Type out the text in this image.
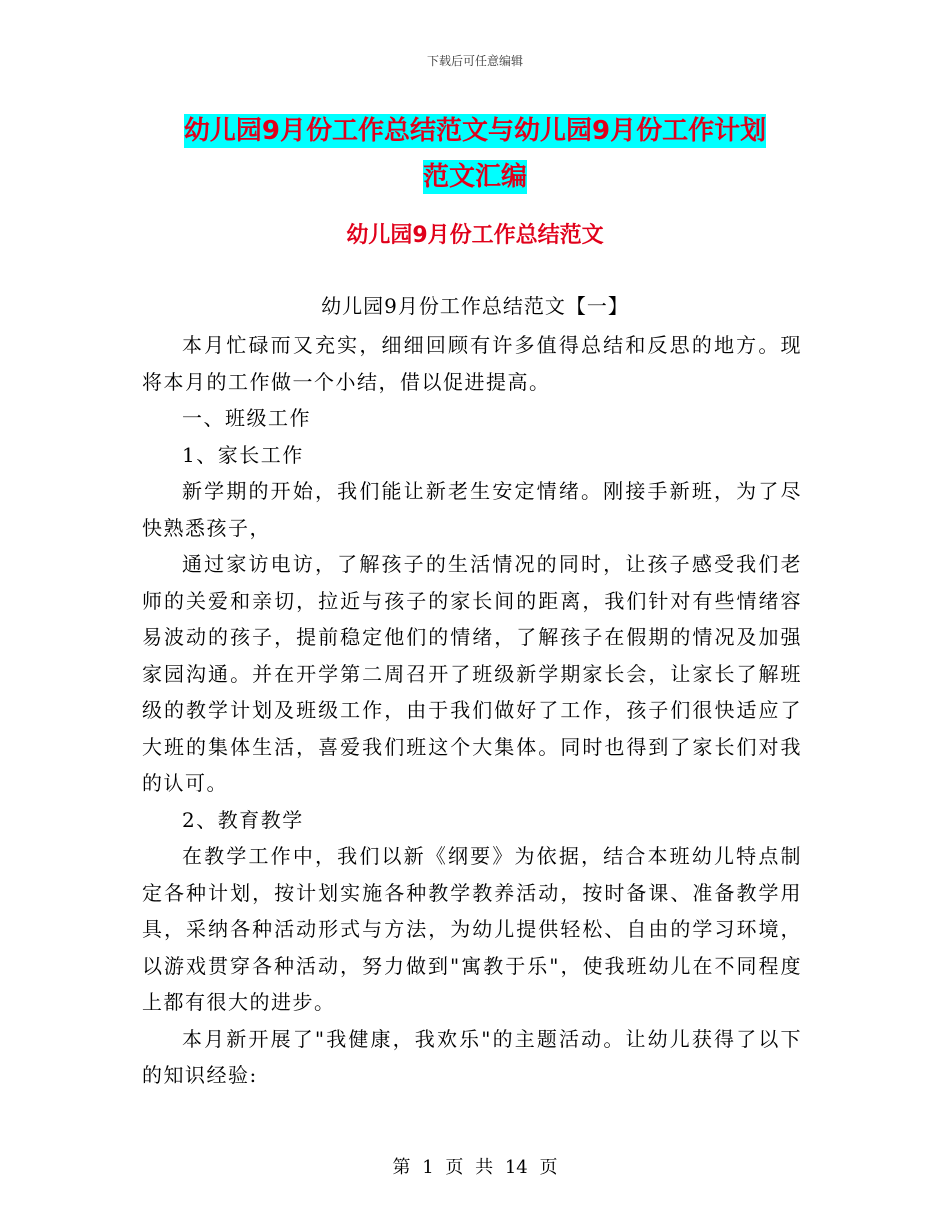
下载后可任意编辑
幼儿园9月份工作总结范文与幼儿园9月份工作计划
范文汇编
幼儿园9月份工作总结范文
幼儿园9月份工作总结范文【一】

本月忙碌而又充实，细细回顾有许多值得总结和反思的地方。现将本月的工作做一个小结，借以促进提高。

一、班级工作

1、家长工作

新学期的开始，我们能让新老生安定情绪。刚接手新班，为了尽快熟悉孩子，

通过家访电访，了解孩子的生活情况的同时，让孩子感受我们老师的关爱和亲切，拉近与孩子的家长间的距离，我们针对有些情绪容易波动的孩子，提前稳定他们的情绪，了解孩子在假期的情况及加强家园沟通。并在开学第二周召开了班级新学期家长会，让家长了解班级的教学计划及班级工作，由于我们做好了工作，孩子们很快适应了大班的集体生活，喜爱我们班这个大集体。同时也得到了家长们对我的认可。

2、教育教学

在教学工作中，我们以新《纲要》为依据，结合本班幼儿特点制定各种计划，按计划实施各种教学教养活动，按时备课、准备教学用具，采纳各种活动形式与方法，为幼儿提供轻松、自由的学习环境，以游戏贯穿各种活动，努力做到"寓教于乐"，使我班幼儿在不同程度上都有很大的进步。

本月新开展了"我健康，我欢乐"的主题活动。让幼儿获得了以下的知识经验:

第 1 页 共 14 页
